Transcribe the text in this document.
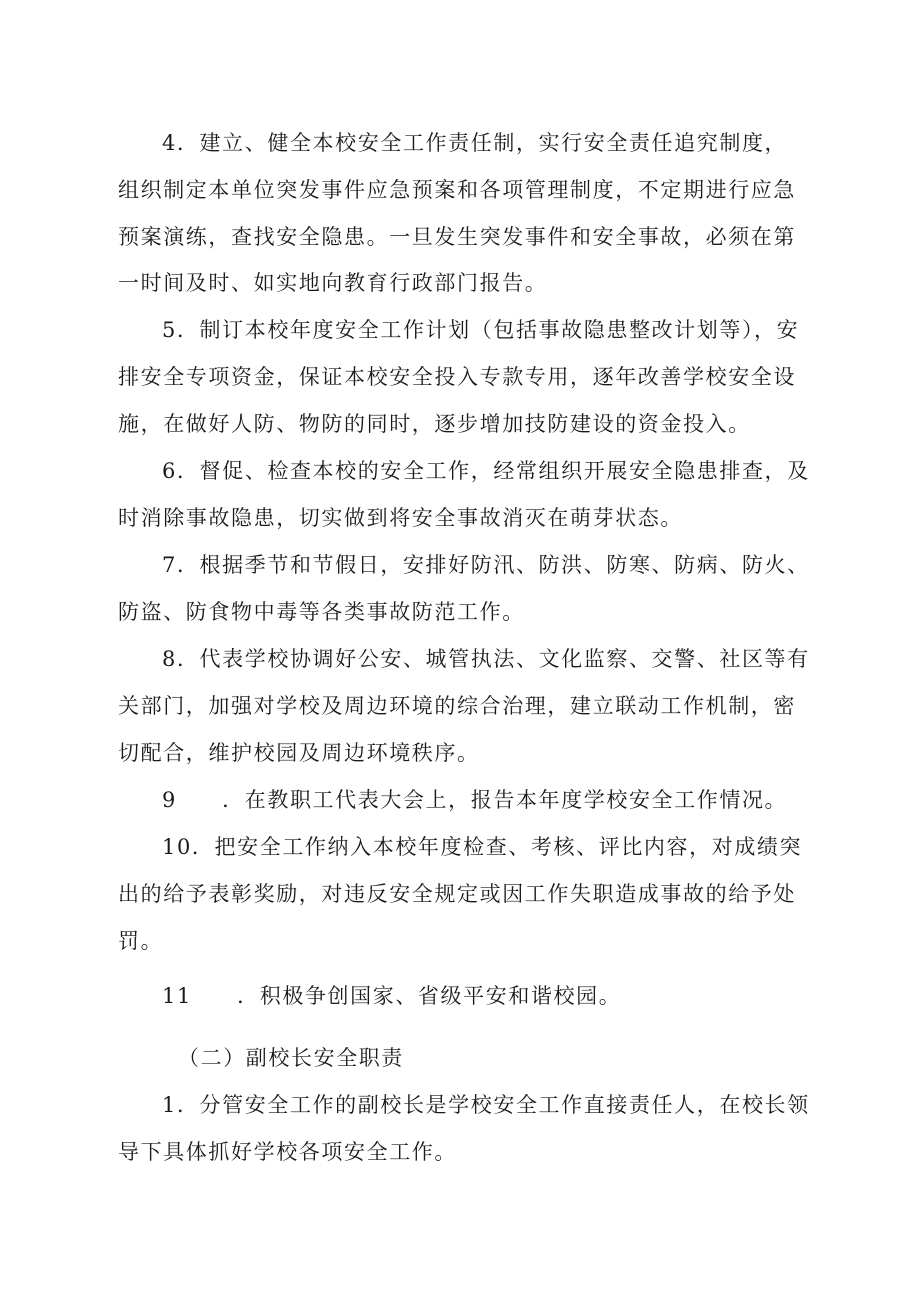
4．建立、健全本校安全工作责任制，实行安全责任追究制度，
组织制定本单位突发事件应急预案和各项管理制度，不定期进行应急
预案演练，查找安全隐患。一旦发生突发事件和安全事故，必须在第
一时间及时、如实地向教育行政部门报告。
5．制订本校年度安全工作计划（包括事故隐患整改计划等），安
排安全专项资金，保证本校安全投入专款专用，逐年改善学校安全设
施，在做好人防、物防的同时，逐步增加技防建设的资金投入。
6．督促、检查本校的安全工作，经常组织开展安全隐患排查，及
时消除事故隐患，切实做到将安全事故消灭在萌芽状态。
7．根据季节和节假日，安排好防汛、防洪、防寒、防病、防火、
防盗、防食物中毒等各类事故防范工作。
8．代表学校协调好公安、城管执法、文化监察、交警、社区等有
关部门，加强对学校及周边环境的综合治理，建立联动工作机制，密
切配合，维护校园及周边环境秩序。
9　　．在教职工代表大会上，报告本年度学校安全工作情况。
10．把安全工作纳入本校年度检查、考核、评比内容，对成绩突
出的给予表彰奖励，对违反安全规定或因工作失职造成事故的给予处
罚。
11　　．积极争创国家、省级平安和谐校园。
（二）副校长安全职责
1．分管安全工作的副校长是学校安全工作直接责任人，在校长领
导下具体抓好学校各项安全工作。
